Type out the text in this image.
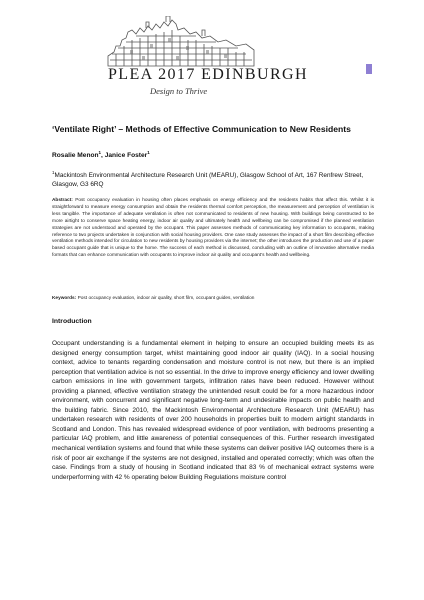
PLEA 2017 EDINBURGH
Design to Thrive
‘Ventilate Right’ – Methods of Effective Communication to New Residents
Rosalie Menon$^1$, Janice Foster$^1$
$^1$Mackintosh Environmental Architecture Research Unit (MEARU), Glasgow School of Art, 167 Renfrew Street, Glasgow, G3 6RQ
Abstract: Post occupancy evaluation in housing often places emphasis on energy efficiency and the residents habits that affect this. Whilst it is straightforward to measure energy consumption and obtain the residents thermal comfort perception, the measurement and perception of ventilation is less tangible. The importance of adequate ventilation is often not communicated to residents of new housing. With buildings being constructed to be more airtight to conserve space heating energy, indoor air quality and ultimately health and wellbeing can be compromised if the planned ventilation strategies are not understood and operated by the occupant. This paper assesses methods of communicating key information to occupants, making reference to two projects undertaken in conjunction with social housing providers. One case study assesses the impact of a short film describing effective ventilation methods intended for circulation to new residents by housing providers via the internet; the other introduces the production and use of a paper based occupant guide that is unique to the home. The success of each method is discussed, concluding with an outline of innovative alternative media formats that can enhance communication with occupants to improve indoor air quality and occupant’s health and wellbeing.
Keywords: Post occupancy evaluation, indoor air quality, short film, occupant guides, ventilation
Introduction
Occupant understanding is a fundamental element in helping to ensure an occupied building meets its as designed energy consumption target, whilst maintaining good indoor air quality (IAQ). In a social housing context, advice to tenants regarding condensation and moisture control is not new, but there is an implied perception that ventilation advice is not so essential. In the drive to improve energy efficiency and lower dwelling carbon emissions in line with government targets, infiltration rates have been reduced. However without providing a planned, effective ventilation strategy the unintended result could be for a more hazardous indoor environment, with concurrent and significant negative long-term and undesirable impacts on public health and the building fabric. Since 2010, the Mackintosh Environmental Architecture Research Unit (MEARU) has undertaken research with residents of over 200 households in properties built to modern airtight standards in Scotland and London. This has revealed widespread evidence of poor ventilation, with bedrooms presenting a particular IAQ problem, and little awareness of potential consequences of this. Further research investigated mechanical ventilation systems and found that while these systems can deliver positive IAQ outcomes there is a risk of poor air exchange if the systems are not designed, installed and operated correctly; which was often the case. Findings from a study of housing in Scotland indicated that 83 % of mechanical extract systems were underperforming with 42 % operating below Building Regulations moisture control
